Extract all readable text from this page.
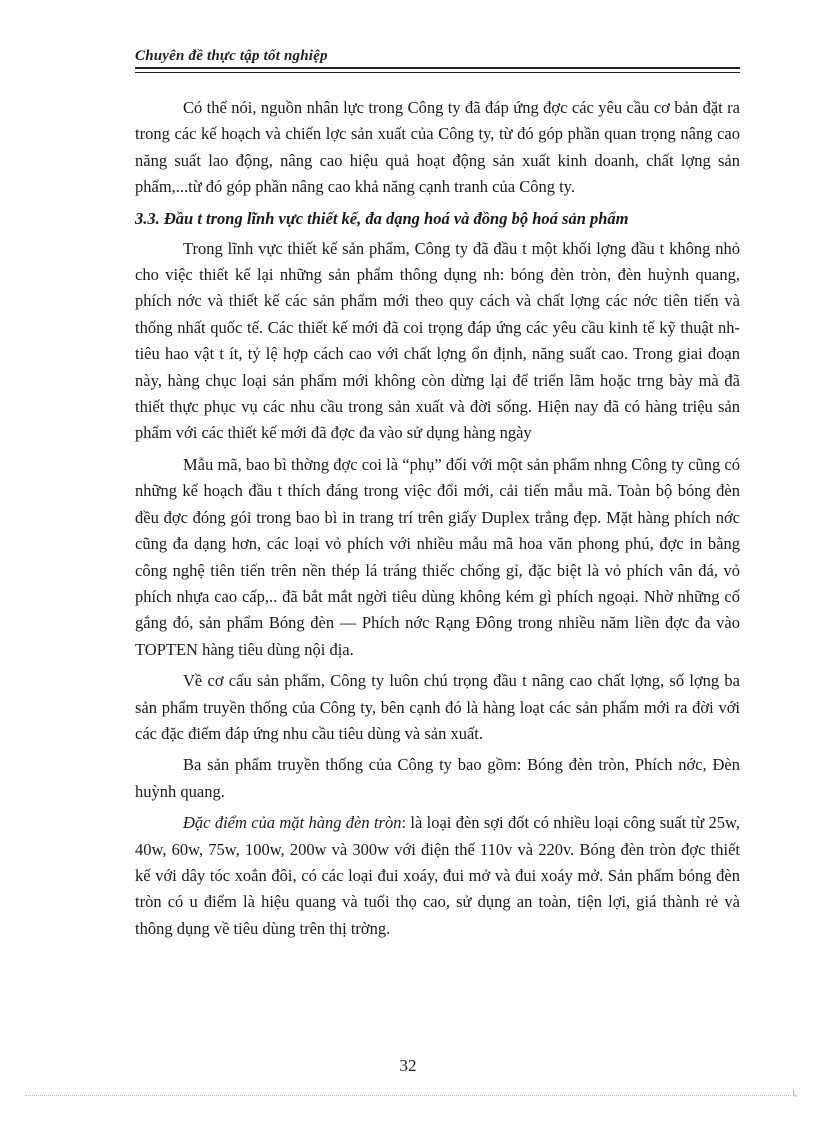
Chuyên đề thực tập tốt nghiệp

Có thể nói, nguồn nhân lực trong Công ty đã đáp ứng đợc các yêu cầu cơ bản đặt ra trong các kế hoạch và chiến lợc sản xuất của Công ty, từ đó góp phần quan trọng nâng cao năng suất lao động, nâng cao hiệu quả hoạt động sản xuất kinh doanh, chất lợng sản phẩm,...từ đó góp phần nâng cao khả năng cạnh tranh của Công ty.

3.3. Đầu t trong lĩnh vực thiết kế, đa dạng hoá và đồng bộ hoá sản phẩm

Trong lĩnh vực thiết kế sản phẩm, Công ty đã đầu t một khối lợng đầu t không nhỏ cho việc thiết kế lại những sản phẩm thông dụng nh: bóng đèn tròn, đèn huỳnh quang, phích nớc và thiết kế các sản phẩm mới theo quy cách và chất lợng các nớc tiên tiến và thống nhất quốc tế. Các thiết kế mới đã coi trọng đáp ứng các yêu cầu kinh tế kỹ thuật nh tiêu hao vật t ít, tỷ lệ hợp cách cao với chất lợng ổn định, năng suất cao. Trong giai đoạn này, hàng chục loại sản phẩm mới không còn dừng lại để triển lãm hoặc trng bày mà đã thiết thực phục vụ các nhu cầu trong sản xuất và đời sống. Hiện nay đã có hàng triệu sản phẩm với các thiết kế mới đã đợc đa vào sử dụng hàng ngày

Mẫu mã, bao bì thờng đợc coi là “phụ” đối với một sản phẩm nhng Công ty cũng có những kế hoạch đầu t thích đáng trong việc đổi mới, cải tiến mẫu mã. Toàn bộ bóng đèn đều đợc đóng gói trong bao bì in trang trí trên giấy Duplex trắng đẹp. Mặt hàng phích nớc cũng đa dạng hơn, các loại vỏ phích với nhiều mẫu mã hoa văn phong phú, đợc in bằng công nghệ tiên tiến trên nền thép lá tráng thiếc chống gỉ, đặc biệt là vỏ phích vân đá, vỏ phích nhựa cao cấp,.. đã bắt mắt ngời tiêu dùng không kém gì phích ngoại. Nhờ những cố gắng đó, sản phẩm Bóng đèn — Phích nớc Rạng Đông trong nhiều năm liền đợc đa vào TOPTEN hàng tiêu dùng nội địa.

Về cơ cấu sản phẩm, Công ty luôn chú trọng đầu t nâng cao chất lợng, số lợng ba sản phẩm truyền thống của Công ty, bên cạnh đó là hàng loạt các sản phẩm mới ra đời với các đặc điểm đáp ứng nhu cầu tiêu dùng và sản xuất.

Ba sản phẩm truyền thống của Công ty bao gồm: Bóng đèn tròn, Phích nớc, Đèn huỳnh quang.

Đặc điểm của mặt hàng đèn tròn: là loại đèn sợi đốt có nhiều loại công suất từ 25w, 40w, 60w, 75w, 100w, 200w và 300w với điện thế 110v và 220v. Bóng đèn tròn đợc thiết kế với dây tóc xoắn đôi, có các loại đui xoáy, đui mở và đui xoáy mở. Sản phẩm bóng đèn tròn có u điểm là hiệu quang và tuổi thọ cao, sử dụng an toàn, tiện lợi, giá thành rẻ và thông dụng về tiêu dùng trên thị trờng.

32
└
